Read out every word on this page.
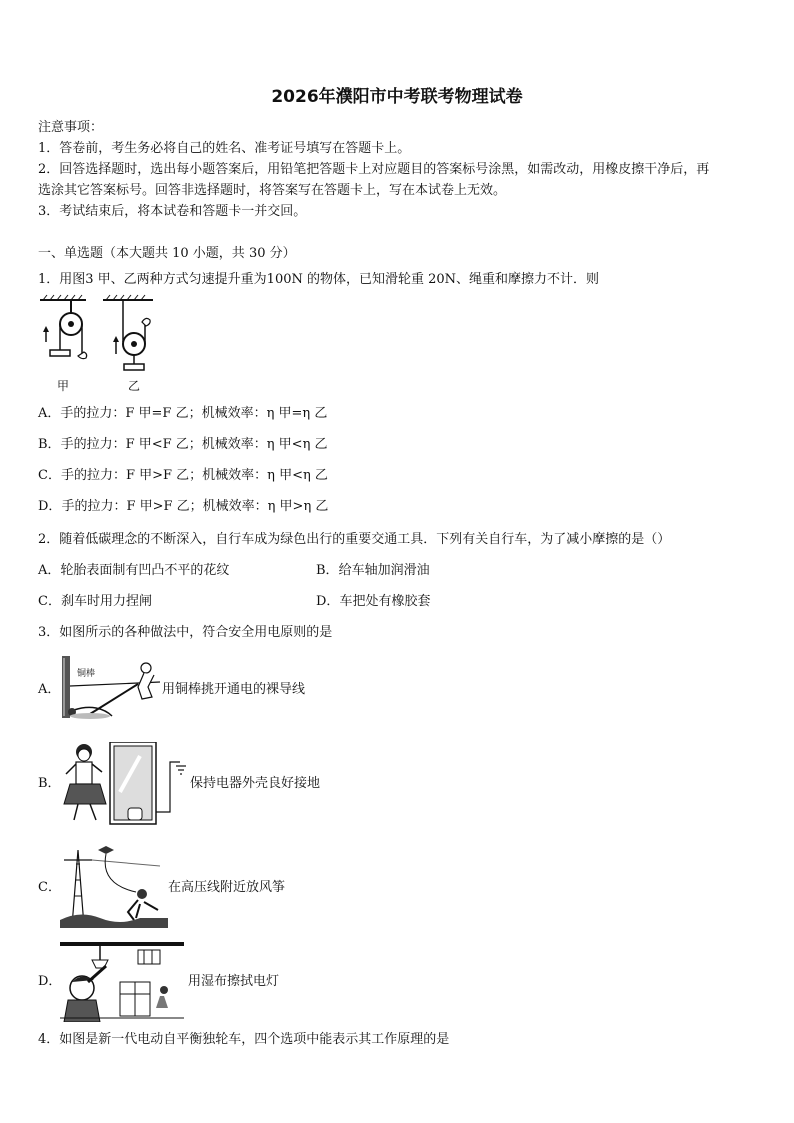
2026年濮阳市中考联考物理试卷
注意事项：
1．答卷前，考生务必将自己的姓名、准考证号填写在答题卡上。
2．回答选择题时，选出每小题答案后，用铅笔把答题卡上对应题目的答案标号涂黑，如需改动，用橡皮擦干净后，再
选涂其它答案标号。回答非选择题时，将答案写在答题卡上，写在本试卷上无效。
3．考试结束后，将本试卷和答题卡一并交回。
一、单选题（本大题共 10 小题，共 30 分）
1．用图3 甲、乙两种方式匀速提升重为100N 的物体，已知滑轮重 20N、绳重和摩擦力不计．则
甲	乙
A．手的拉力：F 甲=F 乙；机械效率：η 甲=η 乙
B．手的拉力：F 甲<F 乙；机械效率：η 甲<η 乙
C．手的拉力：F 甲>F 乙；机械效率：η 甲<η 乙
D．手的拉力：F 甲>F 乙；机械效率：η 甲>η 乙
2．随着低碳理念的不断深入，自行车成为绿色出行的重要交通工具．下列有关自行车，为了减小摩擦的是（）
A．轮胎表面制有凹凸不平的花纹	B．给车轴加润滑油
C．刹车时用力捏闸	D．车把处有橡胶套
3．如图所示的各种做法中，符合安全用电原则的是
A．
铜棒
用铜棒挑开通电的裸导线
B．	保持电器外壳良好接地
C．	在高压线附近放风筝
D．	用湿布擦拭电灯
4．如图是新一代电动自平衡独轮车，四个选项中能表示其工作原理的是
